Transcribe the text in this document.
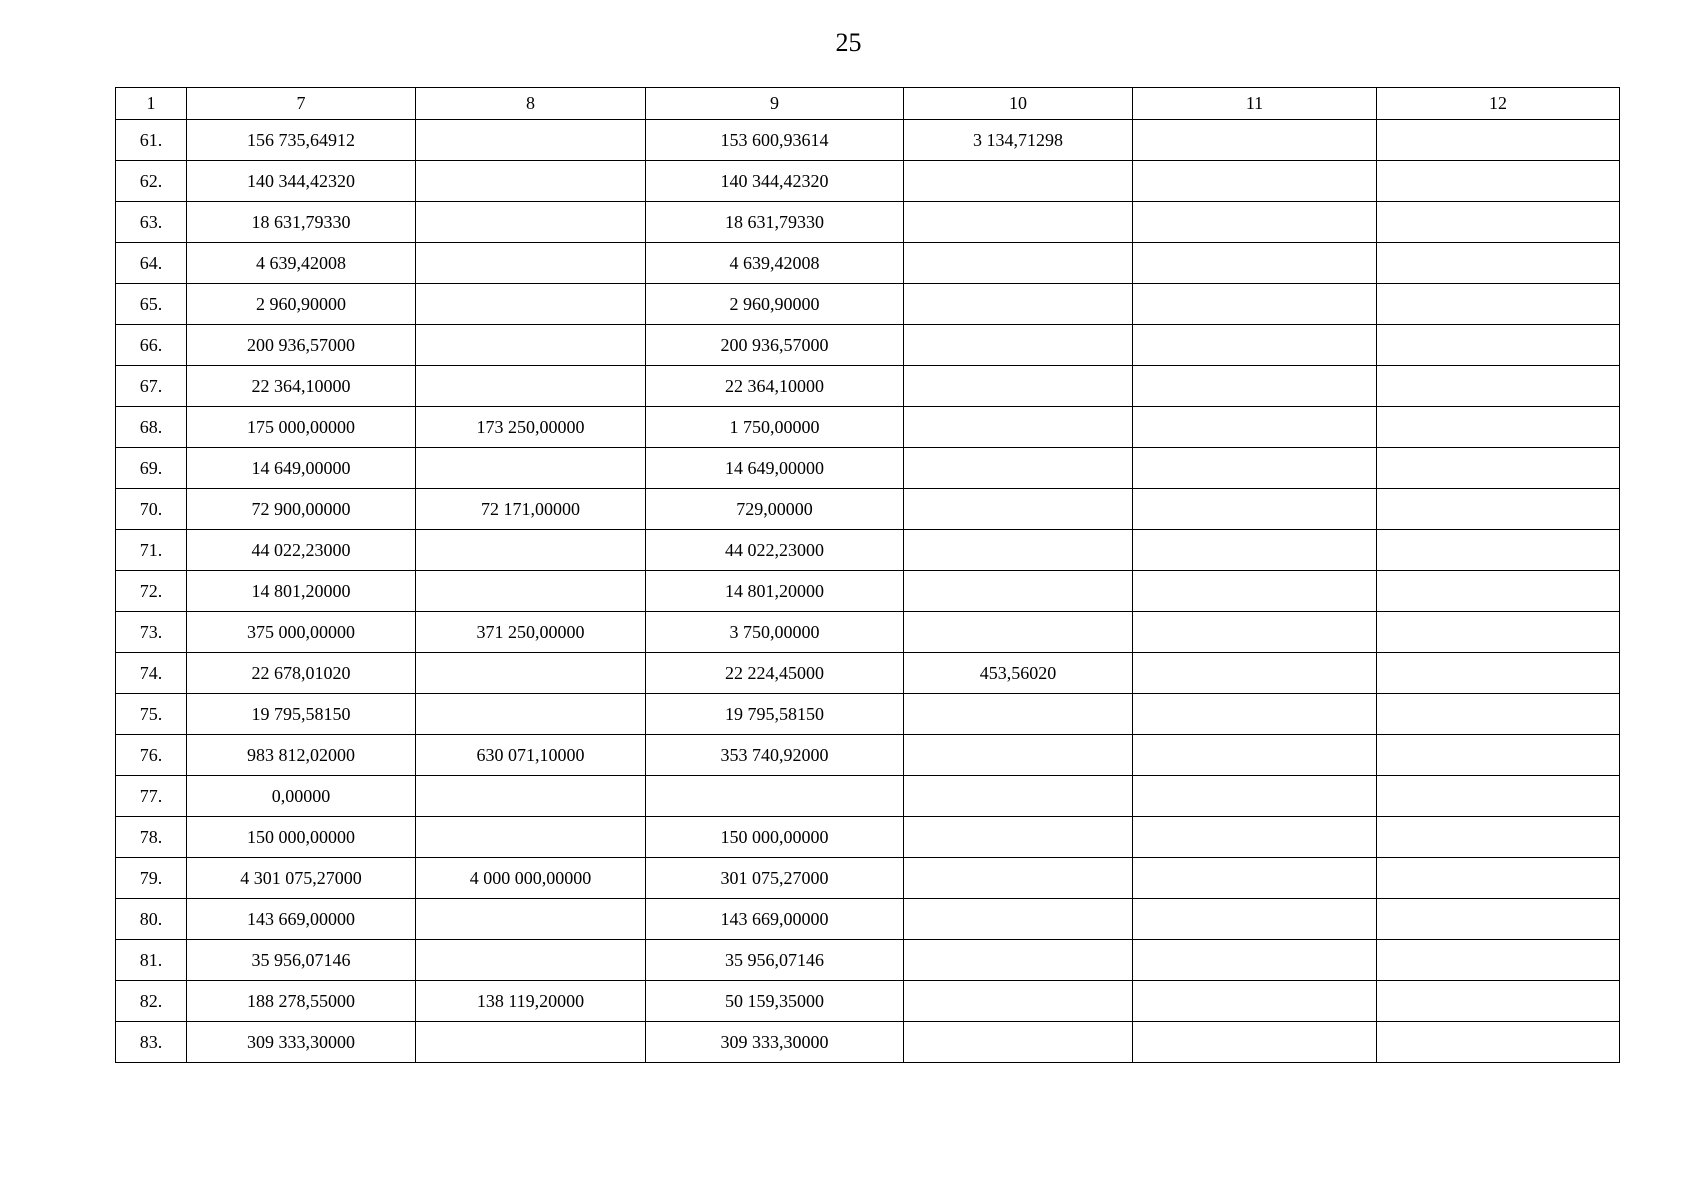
25
1	7	8	9	10	11	12
61.	156 735,64912		153 600,93614	3 134,71298		
62.	140 344,42320		140 344,42320			
63.	18 631,79330		18 631,79330			
64.	4 639,42008		4 639,42008			
65.	2 960,90000		2 960,90000			
66.	200 936,57000		200 936,57000			
67.	22 364,10000		22 364,10000			
68.	175 000,00000	173 250,00000	1 750,00000			
69.	14 649,00000		14 649,00000			
70.	72 900,00000	72 171,00000	729,00000			
71.	44 022,23000		44 022,23000			
72.	14 801,20000		14 801,20000			
73.	375 000,00000	371 250,00000	3 750,00000			
74.	22 678,01020		22 224,45000	453,56020		
75.	19 795,58150		19 795,58150			
76.	983 812,02000	630 071,10000	353 740,92000			
77.	0,00000					
78.	150 000,00000		150 000,00000			
79.	4 301 075,27000	4 000 000,00000	301 075,27000			
80.	143 669,00000		143 669,00000			
81.	35 956,07146		35 956,07146			
82.	188 278,55000	138 119,20000	50 159,35000			
83.	309 333,30000		309 333,30000			
